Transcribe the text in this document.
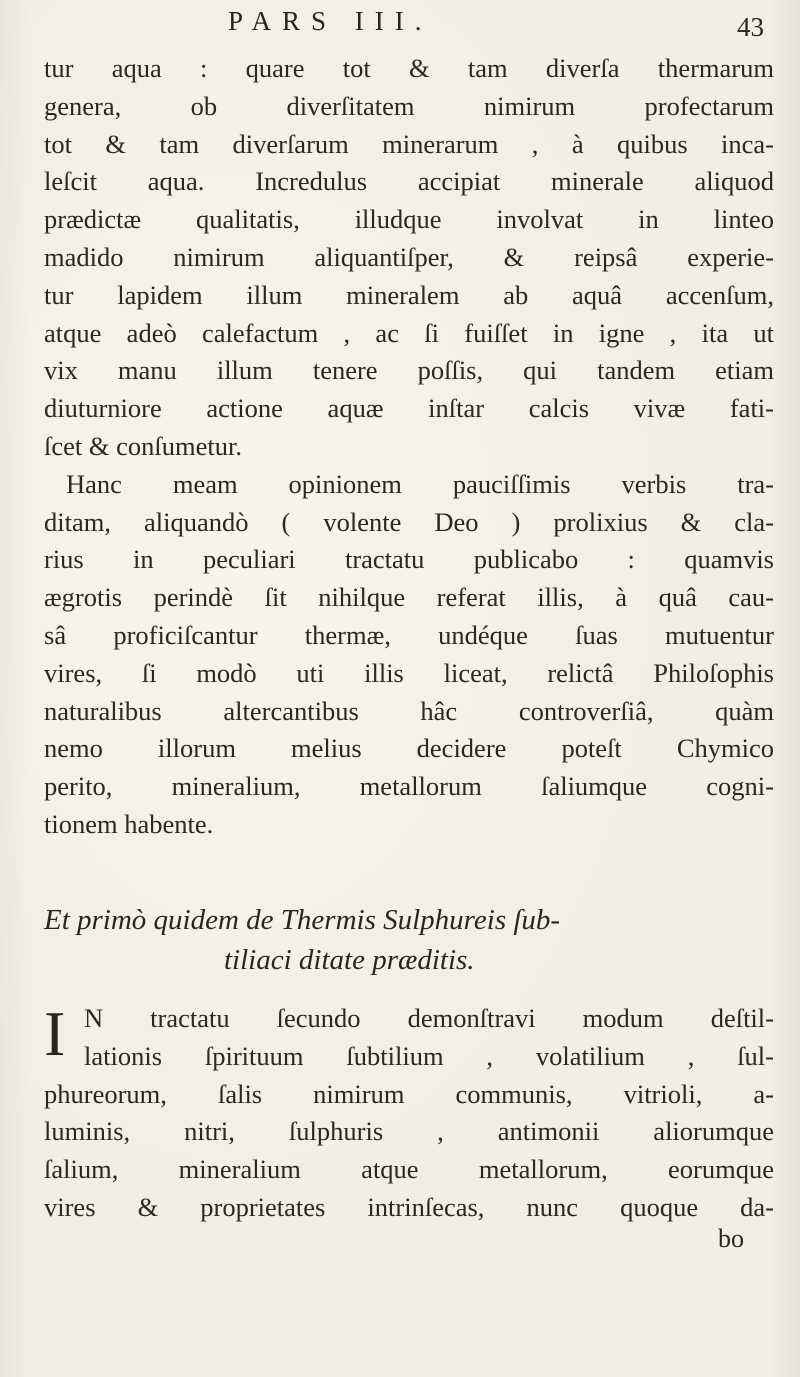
PARS III.	43
tur aqua : quare tot & tam diverſa thermarum
genera, ob diverſitatem nimirum profectarum
tot & tam diverſarum minerarum , à quibus inca-
leſcit aqua. Incredulus accipiat minerale aliquod
prædictæ qualitatis, illudque involvat in linteo
madido nimirum aliquantiſper, & reipsâ experie-
tur lapidem illum mineralem ab aquâ accenſum,
atque adeò calefactum , ac ſi fuiſſet in igne , ita ut
vix manu illum tenere poſſis, qui tandem etiam
diuturniore actione aquæ inſtar calcis vivæ fati-
ſcet & conſumetur.
Hanc meam opinionem pauciſſimis verbis tra-
ditam, aliquandò ( volente Deo ) prolixius & cla-
rius in peculiari tractatu publicabo : quamvis
ægrotis perindè ſit nihilque referat illis, à quâ cau-
sâ proficiſcantur thermæ, undéque ſuas mutuentur
vires, ſi modò uti illis liceat, relictâ Philoſophis
naturalibus altercantibus hâc controverſiâ, quàm
nemo illorum melius decidere poteſt Chymico
perito, mineralium, metallorum ſaliumque cogni-
tionem habente.
Et primò quidem de Thermis Sulphureis ſub-
tiliaci ditate præditis.
I N tractatu ſecundo demonſtravi modum deſtil-
lationis ſpirituum ſubtilium , volatilium , ſul-
phureorum, ſalis nimirum communis, vitrioli, a-
luminis, nitri, ſulphuris , antimonii aliorumque
ſalium, mineralium atque metallorum, eorumque
vires & proprietates intrinſecas, nunc quoque da-
bo
